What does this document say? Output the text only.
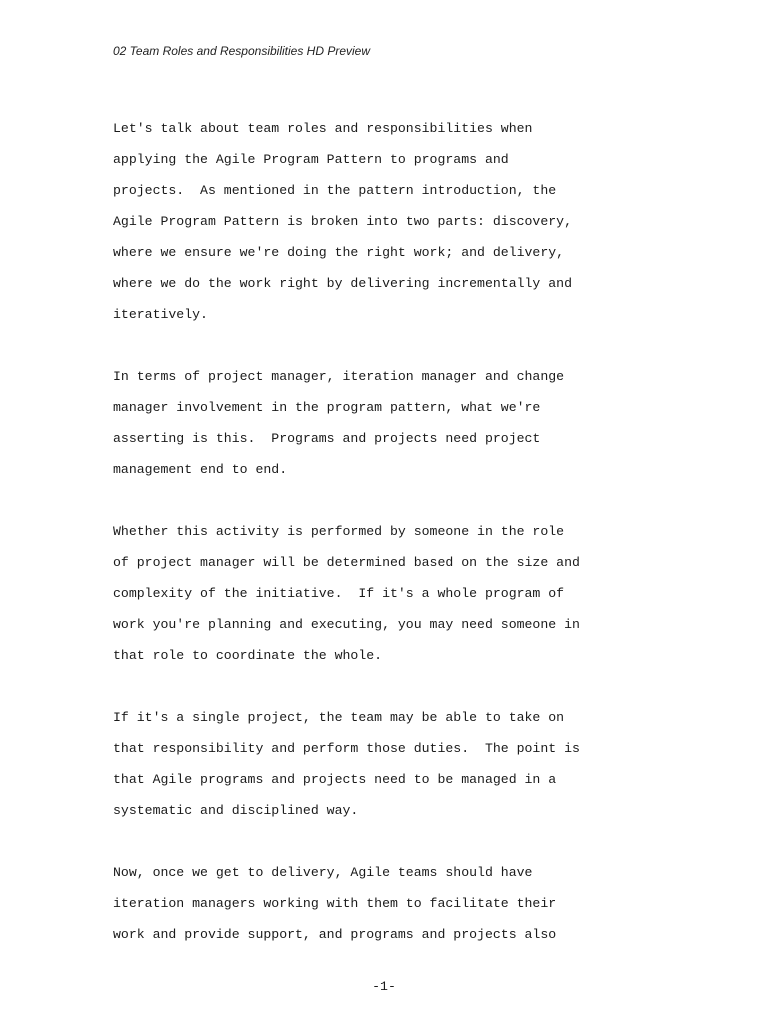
02 Team Roles and Responsibilities HD Preview
Let's talk about team roles and responsibilities when
applying the Agile Program Pattern to programs and
projects.  As mentioned in the pattern introduction, the
Agile Program Pattern is broken into two parts: discovery,
where we ensure we're doing the right work; and delivery,
where we do the work right by delivering incrementally and
iteratively.
In terms of project manager, iteration manager and change
manager involvement in the program pattern, what we're
asserting is this.  Programs and projects need project
management end to end.
Whether this activity is performed by someone in the role
of project manager will be determined based on the size and
complexity of the initiative.  If it's a whole program of
work you're planning and executing, you may need someone in
that role to coordinate the whole.
If it's a single project, the team may be able to take on
that responsibility and perform those duties.  The point is
that Agile programs and projects need to be managed in a
systematic and disciplined way.
Now, once we get to delivery, Agile teams should have
iteration managers working with them to facilitate their
work and provide support, and programs and projects also
-1-
